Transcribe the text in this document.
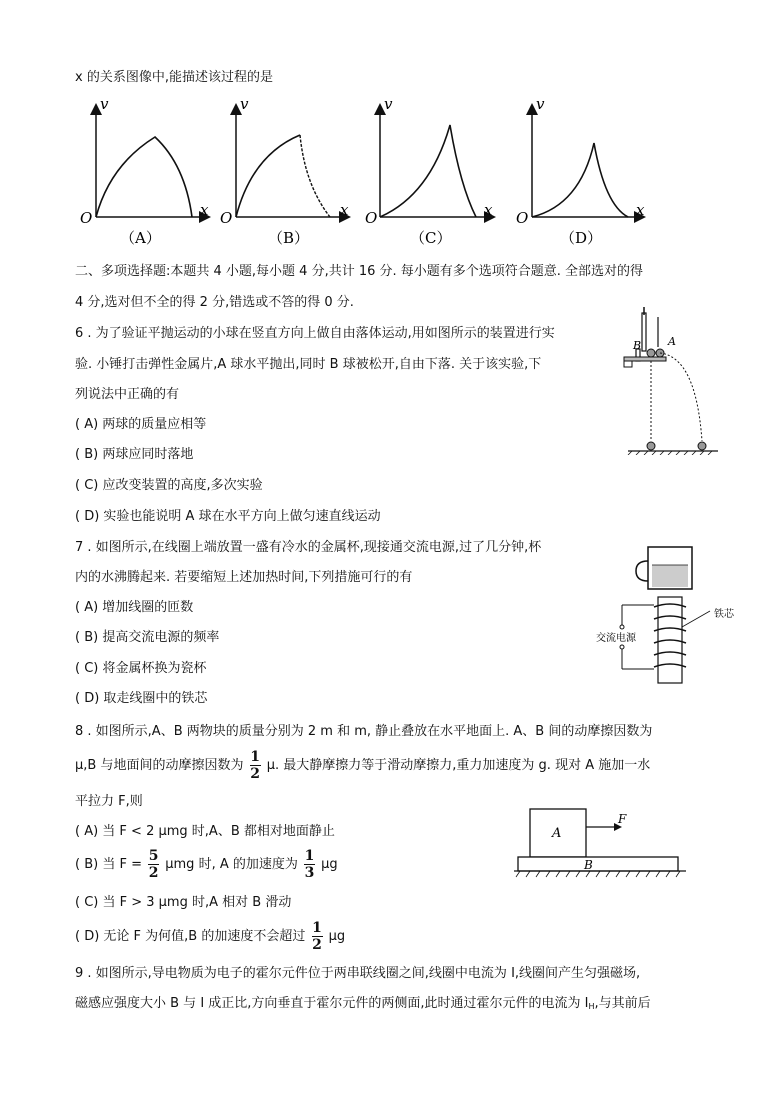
x 的关系图像中,能描述该过程的是
v
x
O
（A）
v
x
O
（B）
v
x
O
（C）
v
x
O
（D）
二、多项选择题:本题共 4 小题,每小题 4 分,共计 16 分. 每小题有多个选项符合题意. 全部选对的得
4 分,选对但不全的得 2 分,错选或不答的得 0 分.
6 . 为了验证平抛运动的小球在竖直方向上做自由落体运动,用如图所示的装置进行实
验. 小锤打击弹性金属片,A 球水平抛出,同时 B 球被松开,自由下落. 关于该实验,下
列说法中正确的有
( A) 两球的质量应相等
( B) 两球应同时落地
( C) 应改变装置的高度,多次实验
( D) 实验也能说明 A 球在水平方向上做匀速直线运动
B A
7 . 如图所示,在线圈上端放置一盛有冷水的金属杯,现接通交流电源,过了几分钟,杯
内的水沸腾起来. 若要缩短上述加热时间,下列措施可行的有
( A) 增加线圈的匝数
( B) 提高交流电源的频率
( C) 将金属杯换为瓷杯
( D) 取走线圈中的铁芯
交流电源
铁芯
8 . 如图所示,A、B 两物块的质量分别为 2 m 和 m, 静止叠放在水平地面上. A、B 间的动摩擦因数为
μ,B 与地面间的动摩擦因数为 $\frac{1}{2} \mu$. 最大静摩擦力等于滑动摩擦力,重力加速度为 g. 现对 A 施加一水
平拉力 F,则
( A) 当 F < 2 μmg 时,A、B 都相对地面静止
( B) 当 $F = \frac{5}{2}$ μmg 时, A 的加速度为 $\frac{1}{3}$ μg
( C) 当 F > 3 μmg 时,A 相对 B 滑动
( D) 无论 F 为何值,B 的加速度不会超过 $\frac{1}{2}$ μg
A
F
B
9 . 如图所示,导电物质为电子的霍尔元件位于两串联线圈之间,线圈中电流为 I,线圈间产生匀强磁场,
磁感应强度大小 B 与 I 成正比,方向垂直于霍尔元件的两侧面,此时通过霍尔元件的电流为 $I_H$,与其前后
